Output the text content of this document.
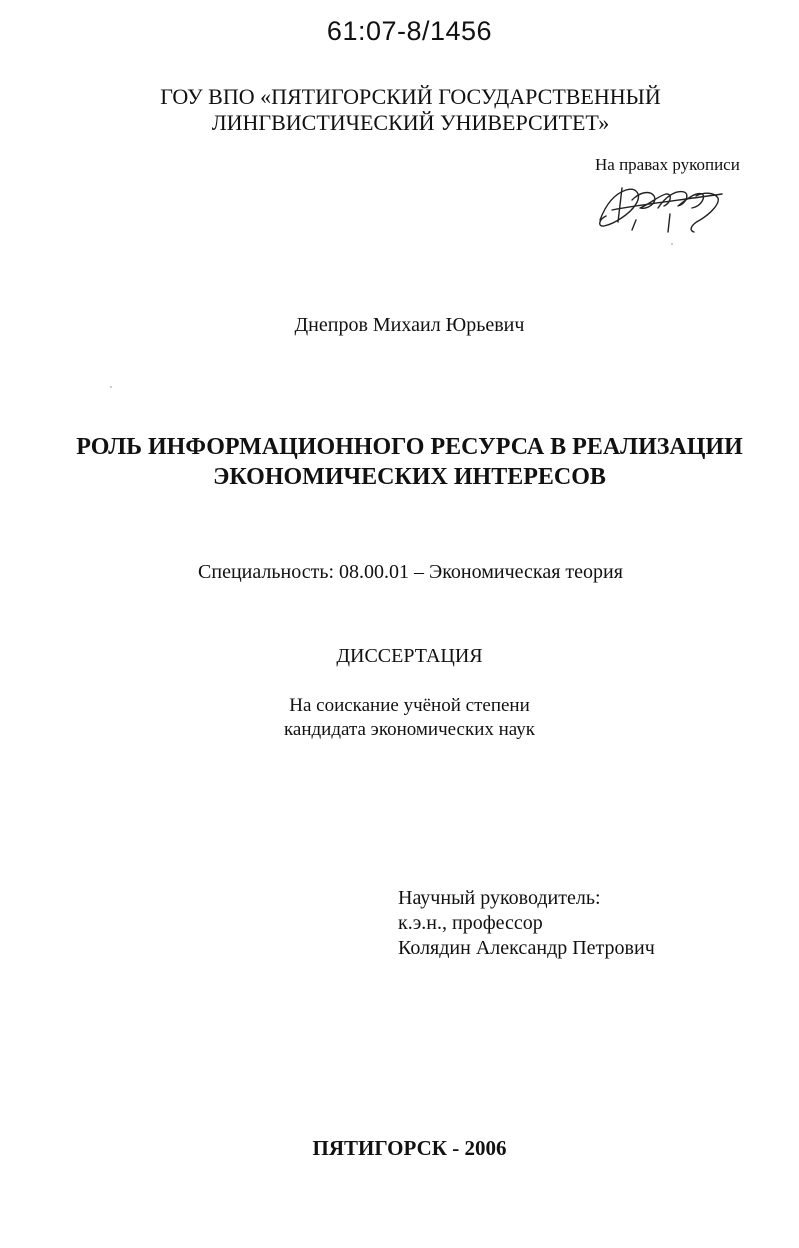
61:07-8/1456
ГОУ ВПО «ПЯТИГОРСКИЙ ГОСУДАРСТВЕННЫЙ
ЛИНГВИСТИЧЕСКИЙ УНИВЕРСИТЕТ»
На правах рукописи
Днепров Михаил Юрьевич
РОЛЬ ИНФОРМАЦИОННОГО РЕСУРСА В РЕАЛИЗАЦИИ
ЭКОНОМИЧЕСКИХ ИНТЕРЕСОВ
Специальность: 08.00.01 – Экономическая теория
ДИССЕРТАЦИЯ
На соискание учёной степени
кандидата экономических наук
Научный руководитель:
к.э.н., профессор
Колядин Александр Петрович
ПЯТИГОРСК - 2006
